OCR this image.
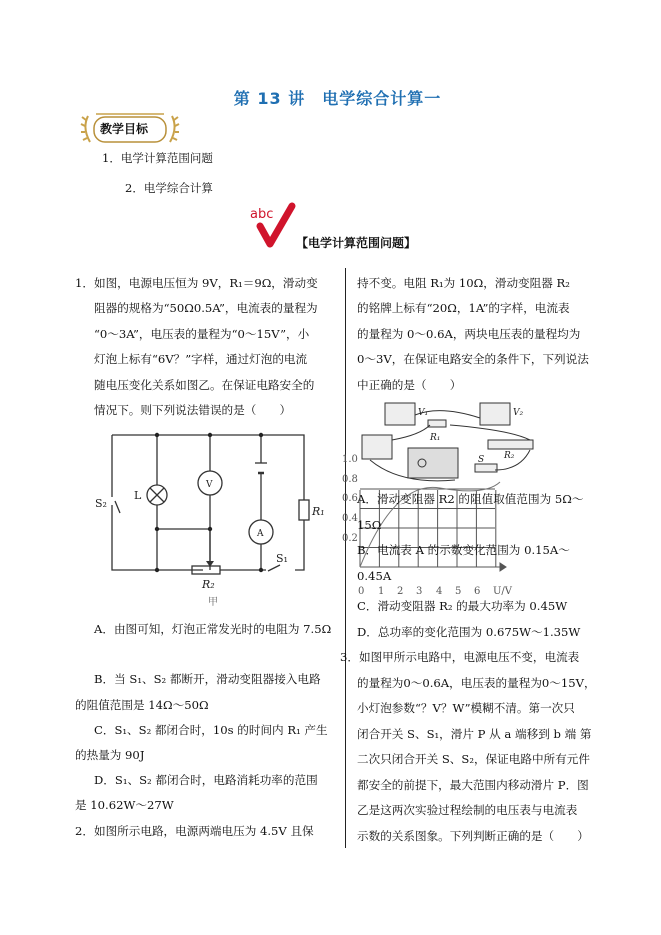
第 13 讲　电学综合计算一
教学目标
1．电学计算范围问题
2．电学综合计算
abc
【电学计算范围问题】
1．如图，电源电压恒为 9V，R₁＝9Ω，滑动变
阻器的规格为“50Ω0.5A”，电流表的量程为
“0～3A”，电压表的量程为“0～15V”，小
灯泡上标有“6V？”字样，通过灯泡的电流
随电压变化关系如图乙。在保证电路安全的
情况下。则下列说法错误的是（　　）
S₂
L
V
A
R₁
R₂
S₁
甲
A．由图可知，灯泡正常发光时的电阻为 7.5Ω
B．当 S₁、S₂ 都断开，滑动变阻器接入电路
的阻值范围是 14Ω～50Ω
C．S₁、S₂ 都闭合时，10s 的时间内 R₁ 产生
的热量为 90J
D．S₁、S₂ 都闭合时，电路消耗功率的范围
是 10.62W～27W
2．如图所示电路，电源两端电压为 4.5V 且保
持不变。电阻 R₁为 10Ω，滑动变阻器 R₂
的铭牌上标有“20Ω，1A”的字样，电流表
的量程为 0～0.6A，两块电压表的量程均为
0～3V，在保证电路安全的条件下，下列说法
中正确的是（　　）
1.0
0.8
0.6
0.4
0.2
0 1 2 3 4 5 6 U/V
V₁	V₂
R₁
R₂
S
A．滑动变阻器 R2 的阻值取值范围为 5Ω～
15Ω
B．电流表 A 的示数变化范围为 0.15A～
0.45A
C．滑动变阻器 R₂ 的最大功率为 0.45W
D．总功率的变化范围为 0.675W～1.35W
3．如图甲所示电路中，电源电压不变，电流表
的量程为0～0.6A，电压表的量程为0～15V，
小灯泡参数“？V？W”模糊不清。第一次只
闭合开关 S、S₁，滑片 P 从 a 端移到 b 端 第
二次只闭合开关 S、S₂，保证电路中所有元件
都安全的前提下，最大范围内移动滑片 P．图
乙是这两次实验过程绘制的电压表与电流表
示数的关系图象。下列判断正确的是（　　）
